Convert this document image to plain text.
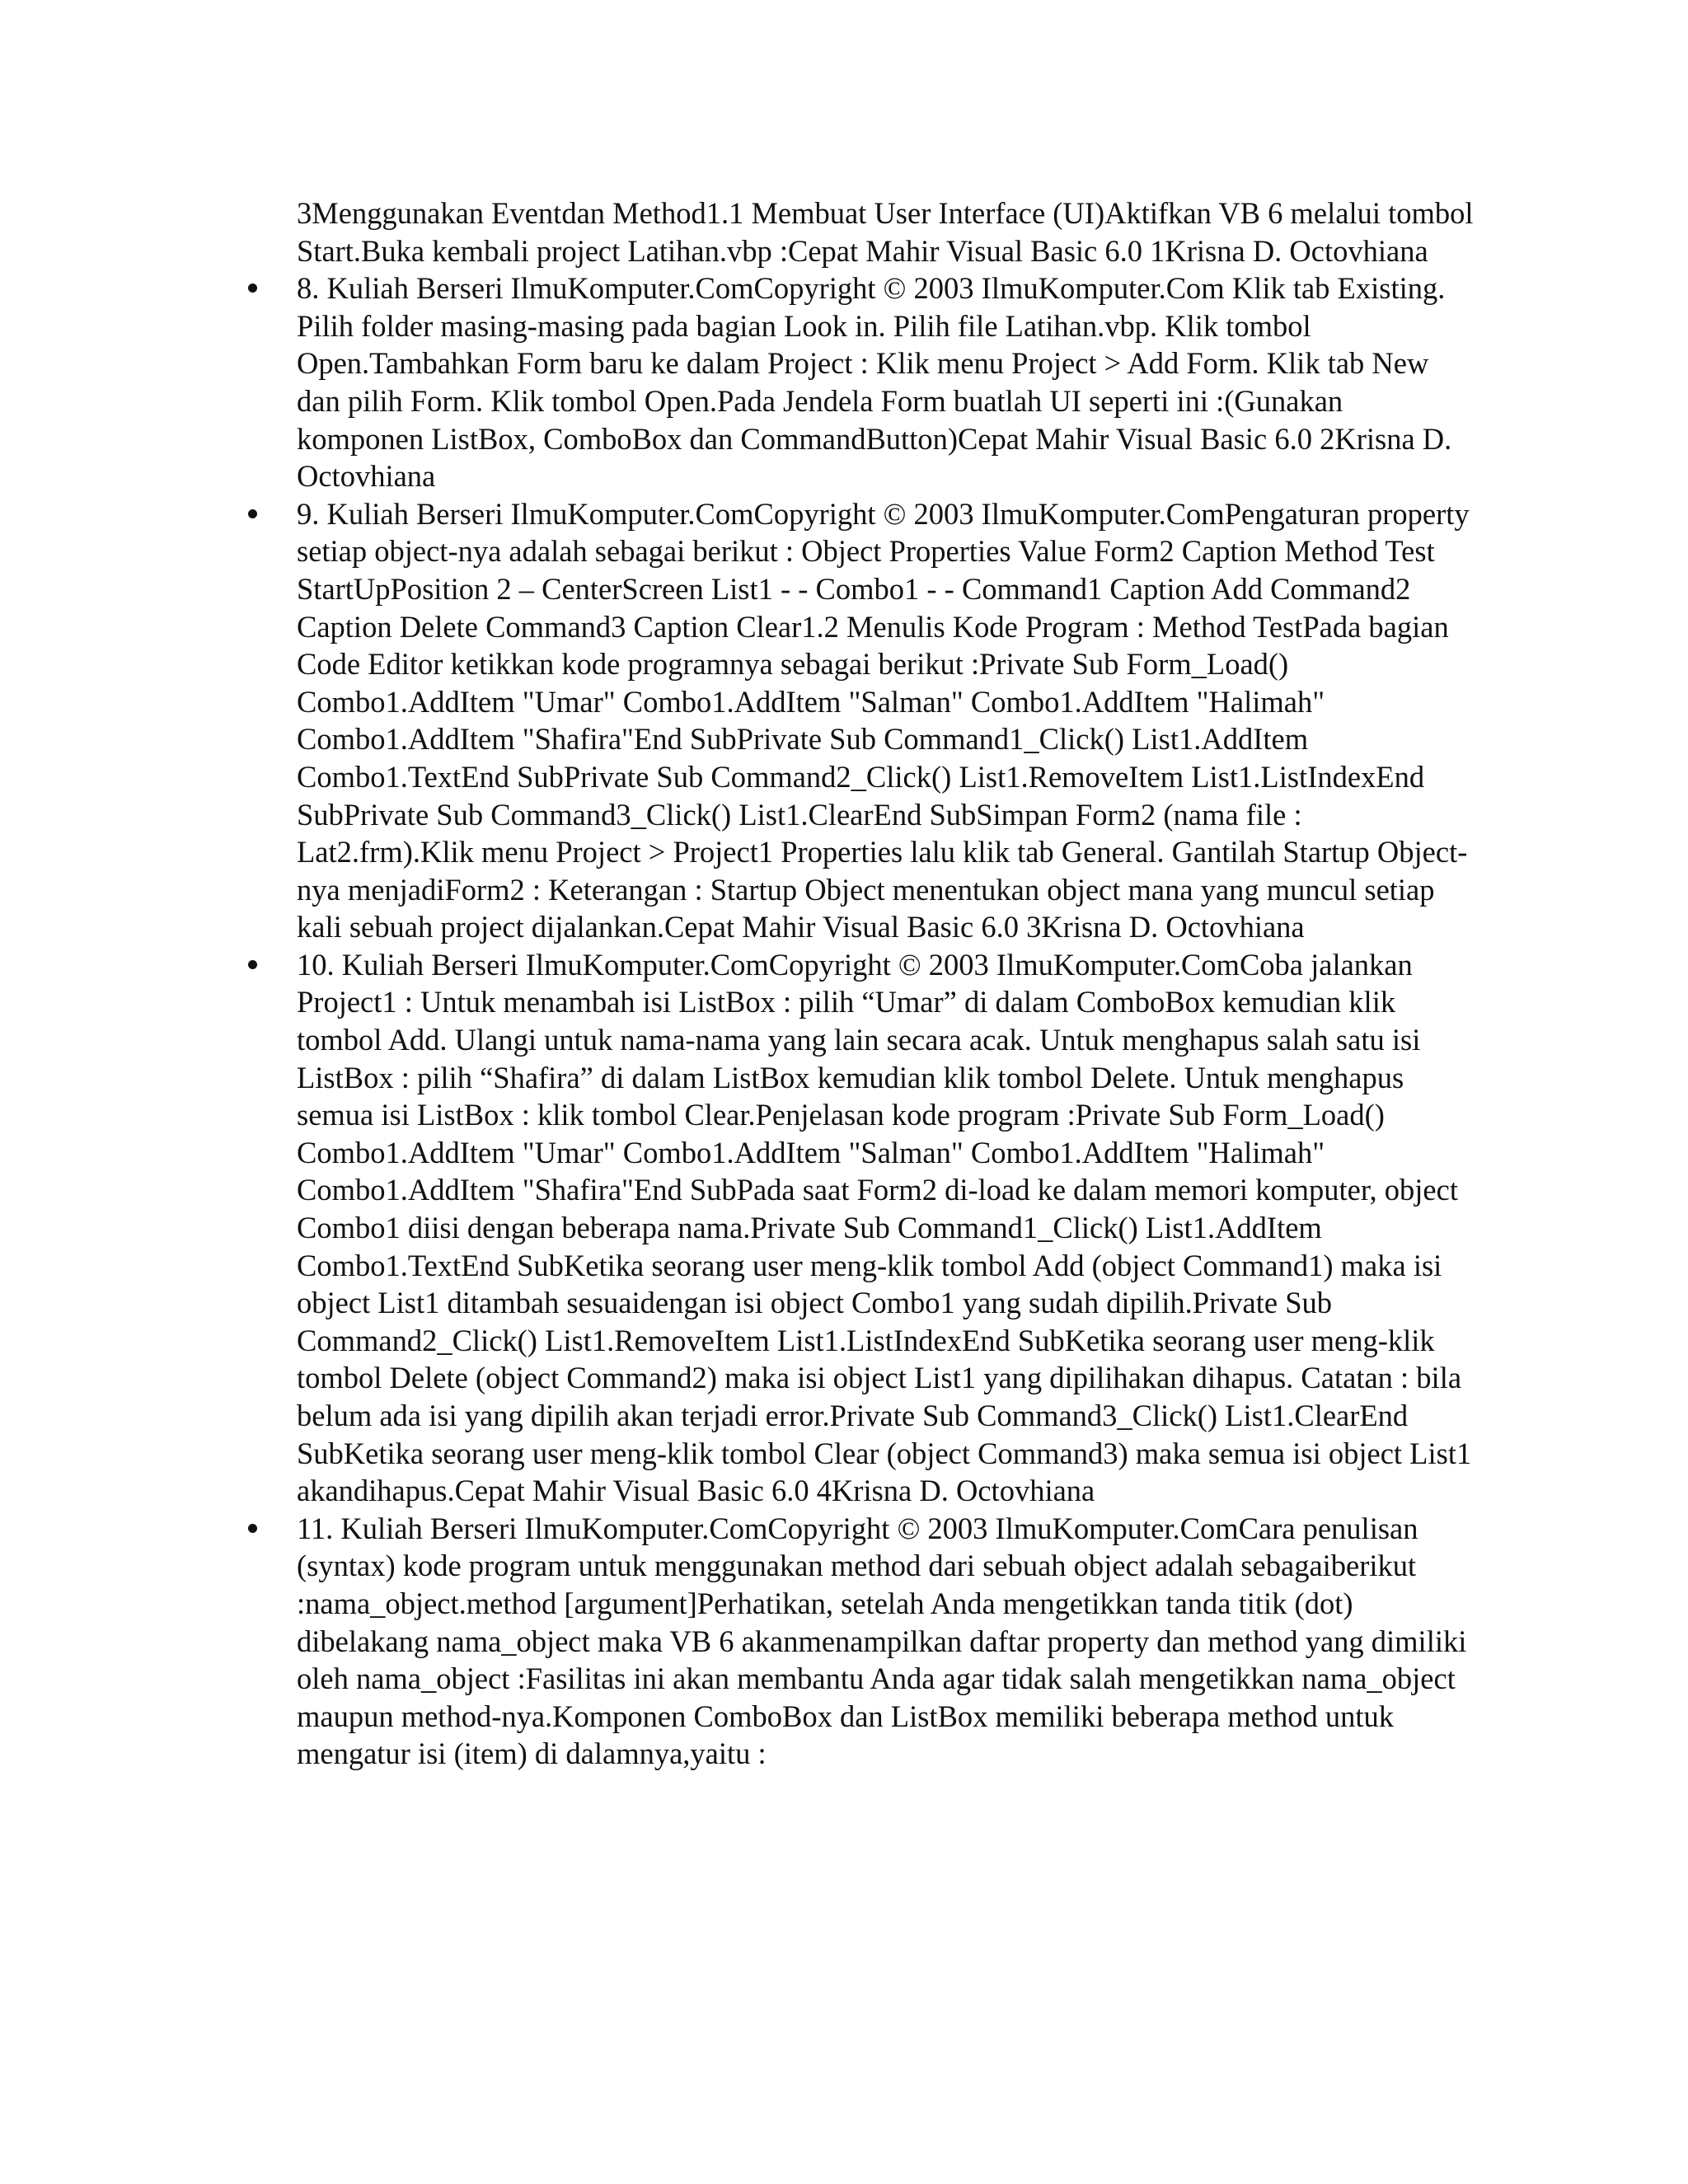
3Menggunakan Eventdan Method1.1 Membuat User Interface (UI)Aktifkan VB 6 melalui tombol Start.Buka kembali project Latihan.vbp :Cepat Mahir Visual Basic 6.0 1Krisna D. Octovhiana

8. Kuliah Berseri IlmuKomputer.ComCopyright © 2003 IlmuKomputer.Com Klik tab Existing. Pilih folder masing-masing pada bagian Look in. Pilih file Latihan.vbp. Klik tombol Open.Tambahkan Form baru ke dalam Project : Klik menu Project > Add Form. Klik tab New dan pilih Form. Klik tombol Open.Pada Jendela Form buatlah UI seperti ini :(Gunakan komponen ListBox, ComboBox dan CommandButton)Cepat Mahir Visual Basic 6.0 2Krisna D. Octovhiana
9. Kuliah Berseri IlmuKomputer.ComCopyright © 2003 IlmuKomputer.ComPengaturan property setiap object-nya adalah sebagai berikut : Object Properties Value Form2 Caption Method Test StartUpPosition 2 – CenterScreen List1 - - Combo1 - - Command1 Caption Add Command2 Caption Delete Command3 Caption Clear1.2 Menulis Kode Program : Method TestPada bagian Code Editor ketikkan kode programnya sebagai berikut :Private Sub Form_Load() Combo1.AddItem "Umar" Combo1.AddItem "Salman" Combo1.AddItem "Halimah" Combo1.AddItem "Shafira"End SubPrivate Sub Command1_Click() List1.AddItem Combo1.TextEnd SubPrivate Sub Command2_Click() List1.RemoveItem List1.ListIndexEnd SubPrivate Sub Command3_Click() List1.ClearEnd SubSimpan Form2 (nama file : Lat2.frm).Klik menu Project > Project1 Properties lalu klik tab General. Gantilah Startup Object-nya menjadiForm2 : Keterangan : Startup Object menentukan object mana yang muncul setiap kali sebuah project dijalankan.Cepat Mahir Visual Basic 6.0 3Krisna D. Octovhiana
10. Kuliah Berseri IlmuKomputer.ComCopyright © 2003 IlmuKomputer.ComCoba jalankan Project1 : Untuk menambah isi ListBox : pilih “Umar” di dalam ComboBox kemudian klik tombol Add. Ulangi untuk nama-nama yang lain secara acak. Untuk menghapus salah satu isi ListBox : pilih “Shafira” di dalam ListBox kemudian klik tombol Delete. Untuk menghapus semua isi ListBox : klik tombol Clear.Penjelasan kode program :Private Sub Form_Load() Combo1.AddItem "Umar" Combo1.AddItem "Salman" Combo1.AddItem "Halimah" Combo1.AddItem "Shafira"End SubPada saat Form2 di-load ke dalam memori komputer, object Combo1 diisi dengan beberapa nama.Private Sub Command1_Click() List1.AddItem Combo1.TextEnd SubKetika seorang user meng-klik tombol Add (object Command1) maka isi object List1 ditambah sesuaidengan isi object Combo1 yang sudah dipilih.Private Sub Command2_Click() List1.RemoveItem List1.ListIndexEnd SubKetika seorang user meng-klik tombol Delete (object Command2) maka isi object List1 yang dipilihakan dihapus. Catatan : bila belum ada isi yang dipilih akan terjadi error.Private Sub Command3_Click() List1.ClearEnd SubKetika seorang user meng-klik tombol Clear (object Command3) maka semua isi object List1 akandihapus.Cepat Mahir Visual Basic 6.0 4Krisna D. Octovhiana
11. Kuliah Berseri IlmuKomputer.ComCopyright © 2003 IlmuKomputer.ComCara penulisan (syntax) kode program untuk menggunakan method dari sebuah object adalah sebagaiberikut :nama_object.method [argument]Perhatikan, setelah Anda mengetikkan tanda titik (dot) dibelakang nama_object maka VB 6 akanmenampilkan daftar property dan method yang dimiliki oleh nama_object :Fasilitas ini akan membantu Anda agar tidak salah mengetikkan nama_object maupun method-nya.Komponen ComboBox dan ListBox memiliki beberapa method untuk mengatur isi (item) di dalamnya,yaitu :
